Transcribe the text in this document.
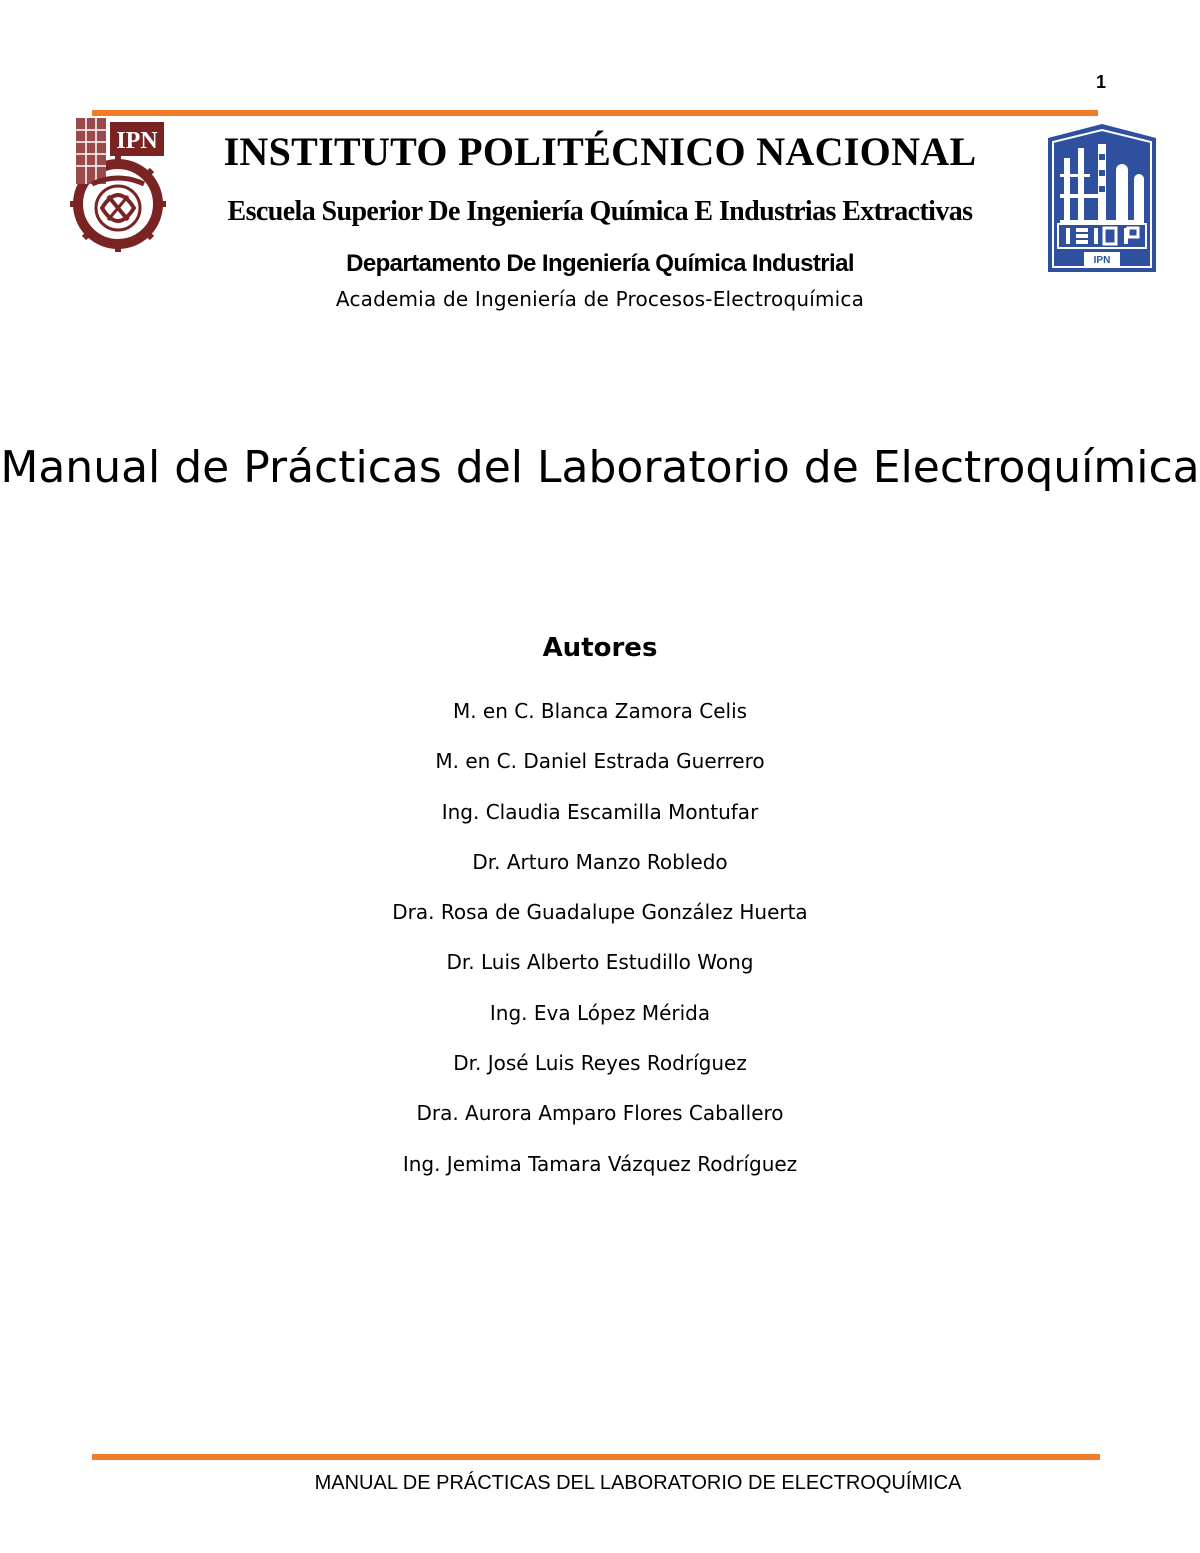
1
IPN
IPN
INSTITUTO POLITÉCNICO NACIONAL
Escuela Superior De Ingeniería Química E Industrias Extractivas
Departamento De Ingeniería Química Industrial
Academia de Ingeniería de Procesos-Electroquímica
Manual de Prácticas del Laboratorio de Electroquímica
Autores
M. en C. Blanca Zamora Celis
M. en C. Daniel Estrada Guerrero
Ing. Claudia Escamilla Montufar
Dr. Arturo Manzo Robledo
Dra. Rosa de Guadalupe González Huerta
Dr. Luis Alberto Estudillo Wong
Ing. Eva López Mérida
Dr. José Luis Reyes Rodríguez
Dra. Aurora Amparo Flores Caballero
Ing. Jemima Tamara Vázquez Rodríguez
MANUAL DE PRÁCTICAS DEL LABORATORIO DE ELECTROQUÍMICA
